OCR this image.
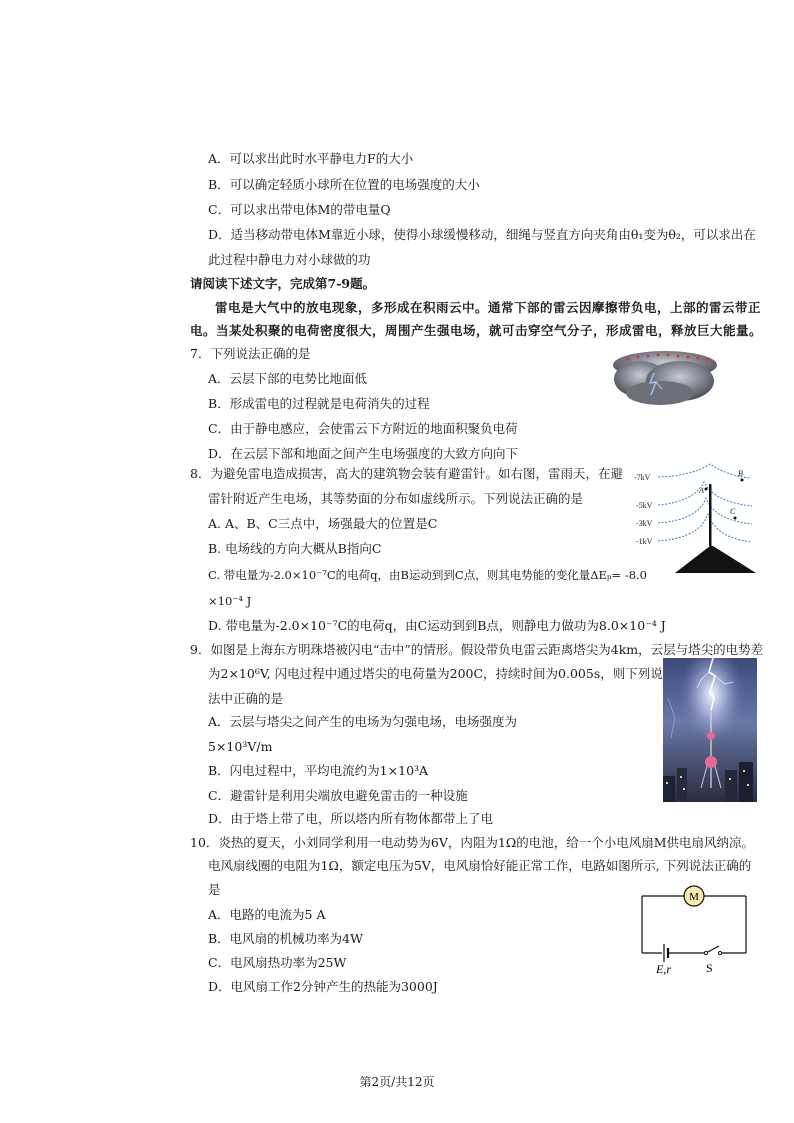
A．可以求出此时水平静电力F的大小
B．可以确定轻质小球所在位置的电场强度的大小
C．可以求出带电体M的带电量Q
D．适当移动带电体M靠近小球，使得小球缓慢移动，细绳与竖直方向夹角由θ₁变为θ₂，可以求出在
此过程中静电力对小球做的功
请阅读下述文字，完成第7-9题。
雷电是大气中的放电现象，多形成在积雨云中。通常下部的雷云因摩擦带负电，上部的雷云带正
电。当某处积聚的电荷密度很大，周围产生强电场，就可击穿空气分子，形成雷电，释放巨大能量。
7．下列说法正确的是
A．云层下部的电势比地面低
B．形成雷电的过程就是电荷消失的过程
C．由于静电感应，会使雷云下方附近的地面积聚负电荷
D．在云层下部和地面之间产生电场强度的大致方向向下
8．为避免雷电造成损害，高大的建筑物会装有避雷针。如右图，雷雨天，在避
雷针附近产生电场，其等势面的分布如虚线所示。下列说法正确的是
A. A、B、C三点中，场强最大的位置是C
B. 电场线的方向大概从B指向C
C. 带电量为-2.0×10⁻⁷C的电荷q，由B运动到到C点，则其电势能的变化量ΔEₚ= -8.0
×10⁻⁴ J
D. 带电量为-2.0×10⁻⁷C的电荷q，由C运动到到B点，则静电力做功为8.0×10⁻⁴ J
-7kV
-5kV
-3kV
-1kV
B
A
C
9．如图是上海东方明珠塔被闪电“击中”的情形。假设带负电雷云距离塔尖为4km，云层与塔尖的电势差
为2×10⁶V, 闪电过程中通过塔尖的电荷量为200C，持续时间为0.005s，则下列说
法中正确的是
A．云层与塔尖之间产生的电场为匀强电场，电场强度为
5×10³V/m
B．闪电过程中，平均电流约为1×10³A
C．避雷针是利用尖端放电避免雷击的一种设施
D．由于塔上带了电，所以塔内所有物体都带上了电
10．炎热的夏天，小刘同学利用一电动势为6V，内阻为1Ω的电池，给一个小电风扇M供电扇风纳凉。
电风扇线圈的电阻为1Ω，额定电压为5V，电风扇恰好能正常工作，电路如图所示, 下列说法正确的
是
A．电路的电流为5 A
B．电风扇的机械功率为4W
C．电风扇热功率为25W
D．电风扇工作2分钟产生的热能为3000J
M
E,r	S
第2页/共12页
